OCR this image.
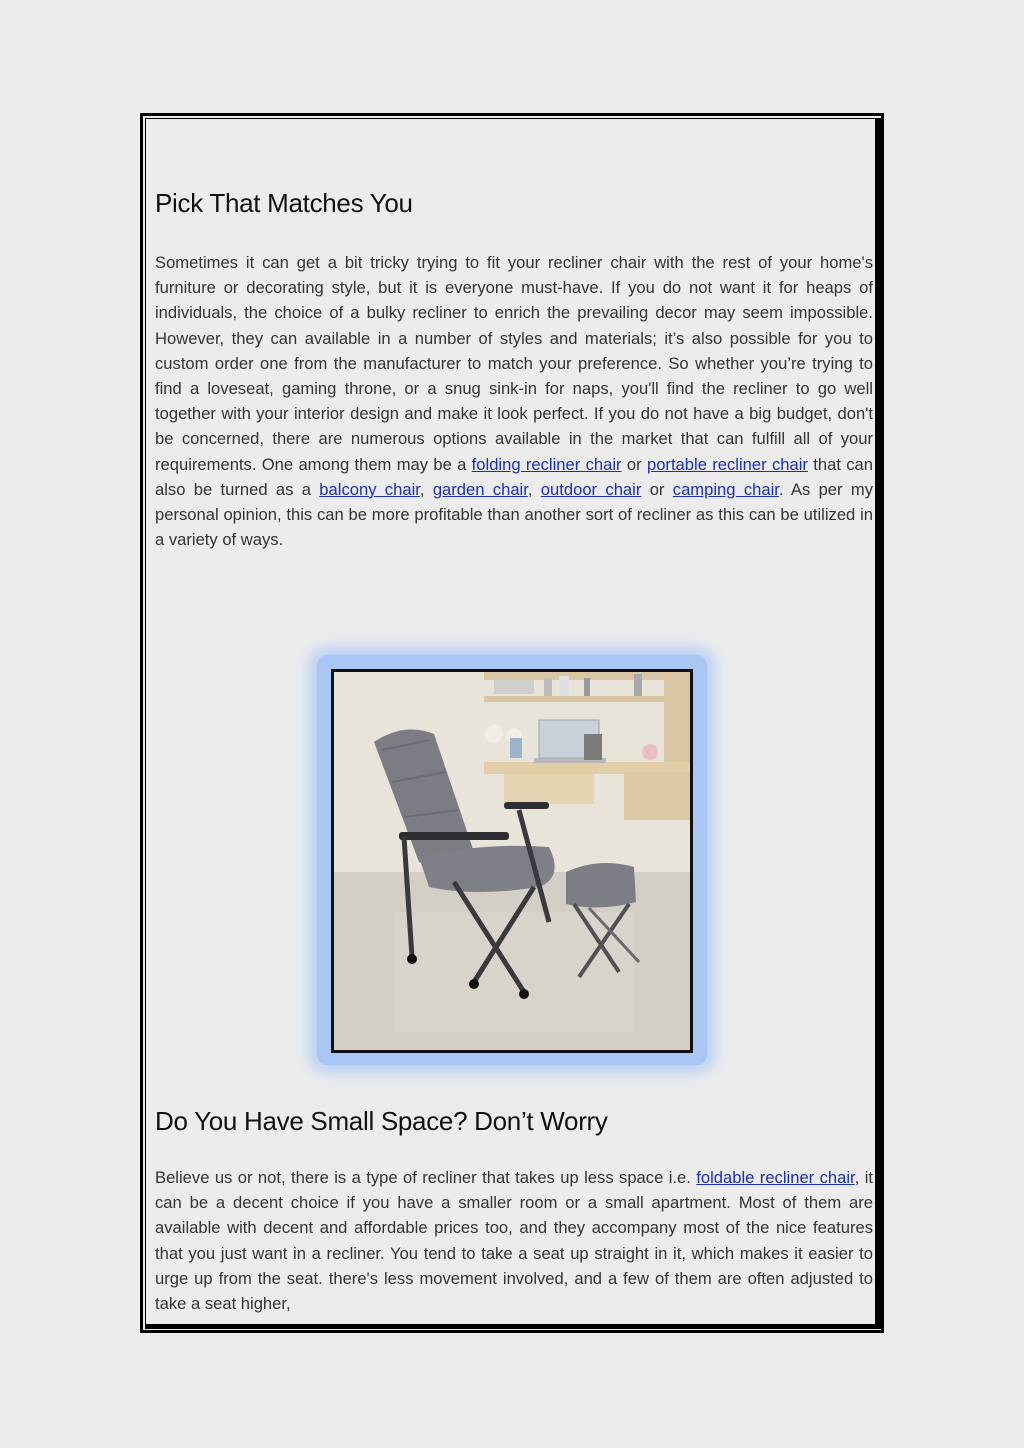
Pick That Matches You

Sometimes it can get a bit tricky trying to fit your recliner chair with the rest of your home's furniture or decorating style, but it is everyone must-have. If you do not want it for heaps of individuals, the choice of a bulky recliner to enrich the prevailing decor may seem impossible. However, they can available in a number of styles and materials; it’s also possible for you to custom order one from the manufacturer to match your preference. So whether you’re trying to find a loveseat, gaming throne, or a snug sink-in for naps, you'll find the recliner to go well together with your interior design and make it look perfect. If you do not have a big budget, don't be concerned, there are numerous options available in the market that can fulfill all of your requirements. One among them may be a folding recliner chair or portable recliner chair that can also be turned as a balcony chair, garden chair, outdoor chair or camping chair. As per my personal opinion, this can be more profitable than another sort of recliner as this can be utilized in a variety of ways.

Do You Have Small Space? Don’t Worry

Believe us or not, there is a type of recliner that takes up less space i.e. foldable recliner chair, it can be a decent choice if you have a smaller room or a small apartment. Most of them are available with decent and affordable prices too, and they accompany most of the nice features that you just want in a recliner. You tend to take a seat up straight in it, which makes it easier to urge up from the seat. there's less movement involved, and a few of them are often adjusted to take a seat higher,
